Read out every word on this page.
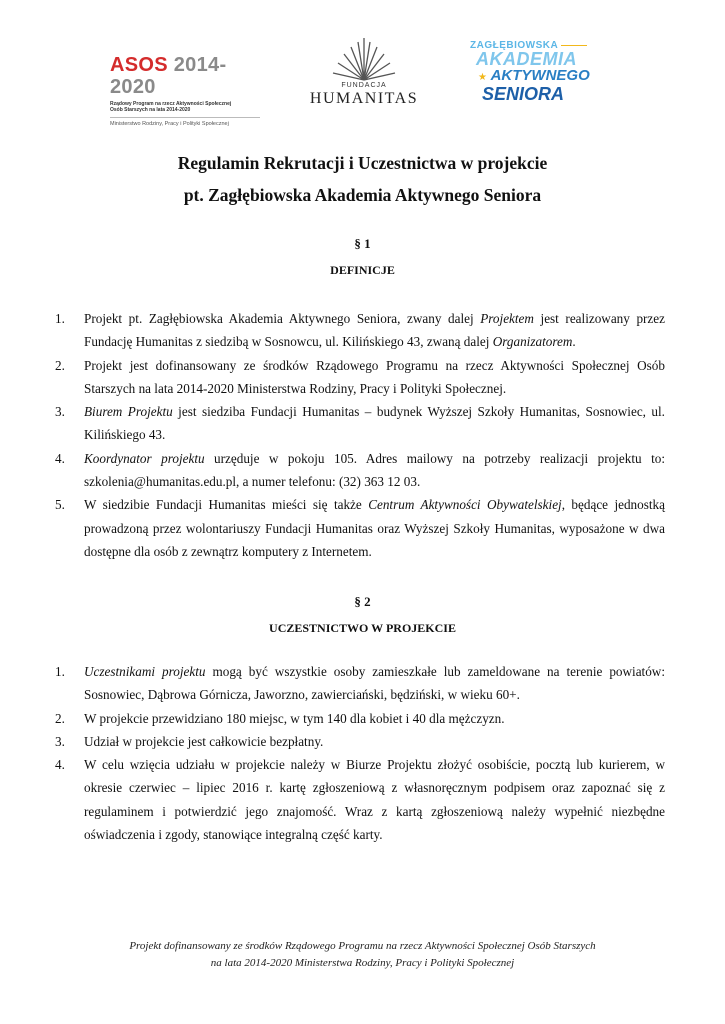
ASOS 2014-2020
Rządowy Program na rzecz Aktywności Społecznej
Osób Starszych na lata 2014-2020
Ministerstwo Rodziny, Pracy i Polityki Społecznej
FUNDACJA
HUMANITAS
ZAGŁĘBIOWSKA
AKADEMIA
★ AKTYWNEGO
SENIORA
Regulamin Rekrutacji i Uczestnictwa w projekcie
pt. Zagłębiowska Akademia Aktywnego Seniora
§ 1
DEFINICJE
1. Projekt pt. Zagłębiowska Akademia Aktywnego Seniora, zwany dalej Projektem jest realizowany przez Fundację Humanitas z siedzibą w Sosnowcu, ul. Kilińskiego 43, zwaną dalej Organizatorem.
2. Projekt jest dofinansowany ze środków Rządowego Programu na rzecz Aktywności Społecznej Osób Starszych na lata 2014-2020 Ministerstwa Rodziny, Pracy i Polityki Społecznej.
3. Biurem Projektu jest siedziba Fundacji Humanitas – budynek Wyższej Szkoły Humanitas, Sosnowiec, ul. Kilińskiego 43.
4. Koordynator projektu urzęduje w pokoju 105. Adres mailowy na potrzeby realizacji projektu to: szkolenia@humanitas.edu.pl, a numer telefonu: (32) 363 12 03.
5. W siedzibie Fundacji Humanitas mieści się także Centrum Aktywności Obywatelskiej, będące jednostką prowadzoną przez wolontariuszy Fundacji Humanitas oraz Wyższej Szkoły Humanitas, wyposażone w dwa dostępne dla osób z zewnątrz komputery z Internetem.
§ 2
UCZESTNICTWO W PROJEKCIE
1. Uczestnikami projektu mogą być wszystkie osoby zamieszkałe lub zameldowane na terenie powiatów: Sosnowiec, Dąbrowa Górnicza, Jaworzno, zawierciański, będziński, w wieku 60+.
2. W projekcie przewidziano 180 miejsc, w tym 140 dla kobiet i 40 dla mężczyzn.
3. Udział w projekcie jest całkowicie bezpłatny.
4. W celu wzięcia udziału w projekcie należy w Biurze Projektu złożyć osobiście, pocztą lub kurierem, w okresie czerwiec – lipiec 2016 r. kartę zgłoszeniową z własnoręcznym podpisem oraz zapoznać się z regulaminem i potwierdzić jego znajomość. Wraz z kartą zgłoszeniową należy wypełnić niezbędne oświadczenia i zgody, stanowiące integralną część karty.
Projekt dofinansowany ze środków Rządowego Programu na rzecz Aktywności Społecznej Osób Starszych
na lata 2014-2020 Ministerstwa Rodziny, Pracy i Polityki Społecznej
